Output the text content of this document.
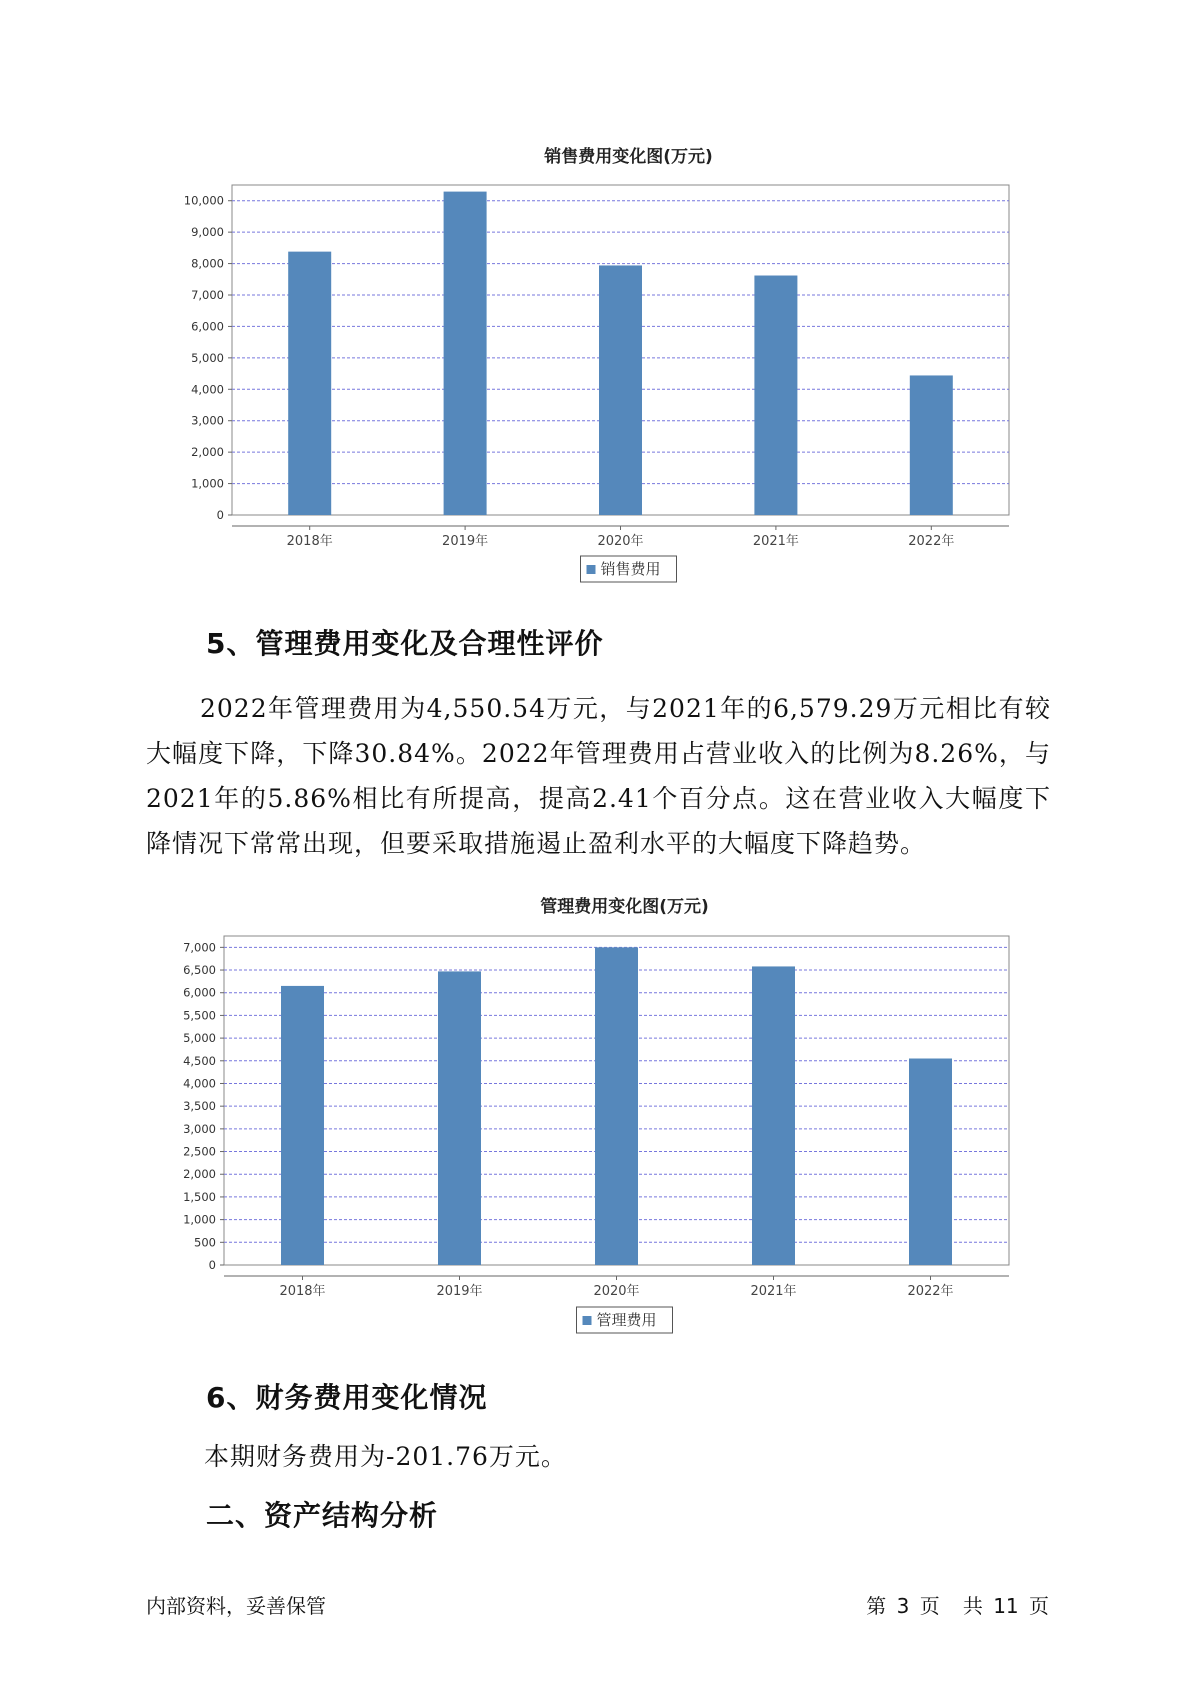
销售费用变化图(万元)
0
1,000
2,000
3,000
4,000
5,000
6,000
7,000
8,000
9,000
10,000
2018年	2019年	2020年	2021年	2022年
销售费用
5、管理费用变化及合理性评价

2022年管理费用为4,550.54万元，与2021年的6,579.29万元相比有较大幅度下降，下降30.84%。2022年管理费用占营业收入的比例为8.26%，与2021年的5.86%相比有所提高，提高2.41个百分点。这在营业收入大幅度下降情况下常常出现，但要采取措施遏止盈利水平的大幅度下降趋势。

管理费用变化图(万元)
0
500
1,000
1,500
2,000
2,500
3,000
3,500
4,000
4,500
5,000
5,500
6,000
6,500
7,000
2018年	2019年	2020年	2021年	2022年
管理费用
6、财务费用变化情况

本期财务费用为-201.76万元。

二、资产结构分析
内部资料，妥善保管	第 3 页 共 11 页
